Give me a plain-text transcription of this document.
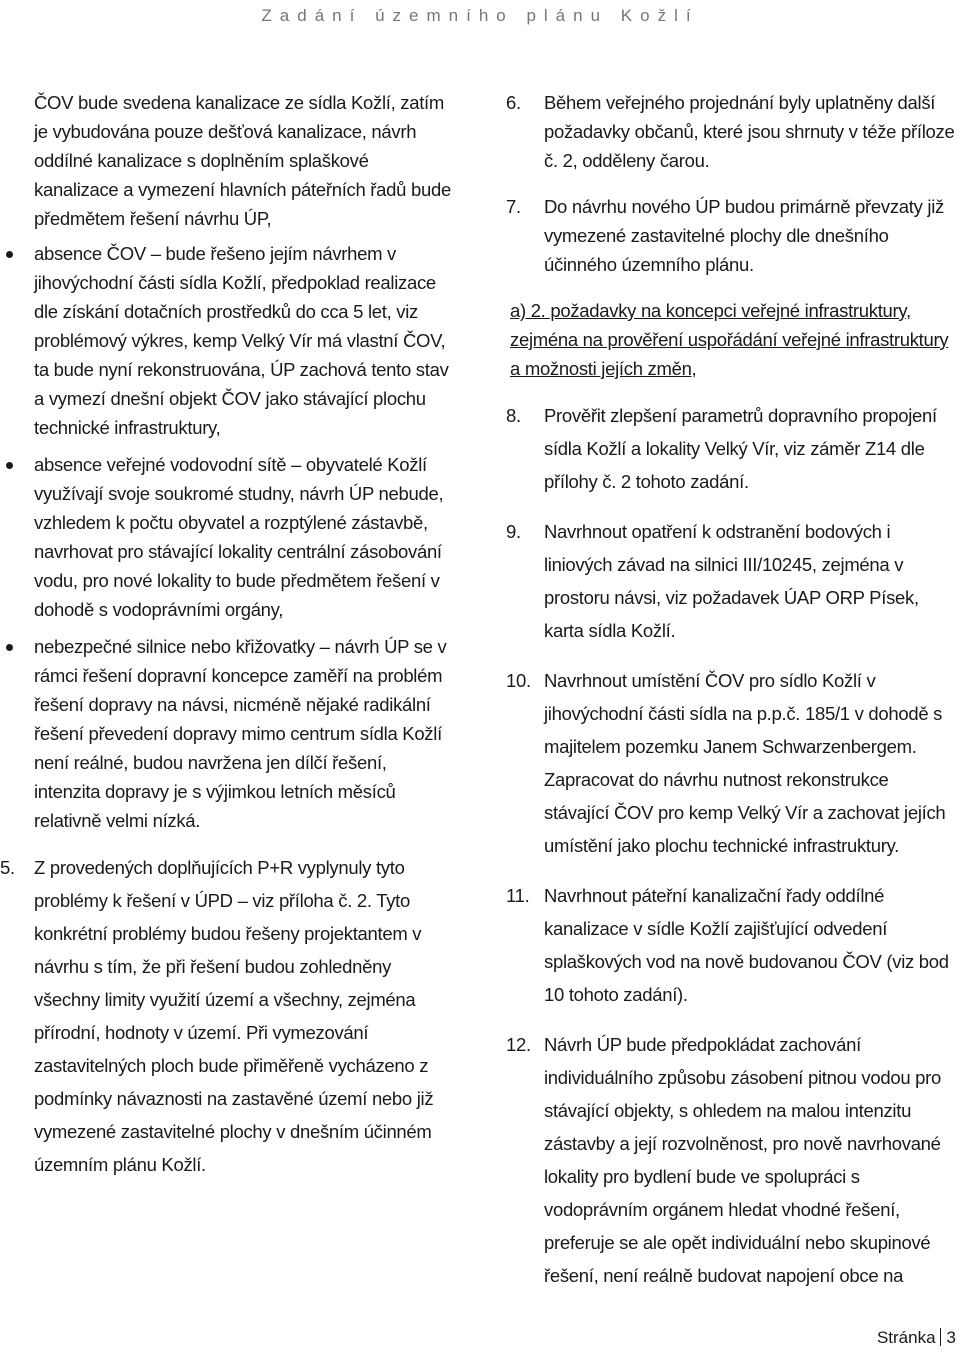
Zadání územního plánu Kožlí

ČOV bude svedena kanalizace ze sídla Kožlí, zatím je vybudována pouze dešťová kanalizace, návrh oddílné kanalizace s doplněním splaškové kanalizace a vymezení hlavních páteřních řadů bude předmětem řešení návrhu ÚP,

absence ČOV – bude řešeno jejím návrhem v jihovýchodní části sídla Kožlí, předpoklad realizace dle získání dotačních prostředků do cca 5 let, viz problémový výkres, kemp Velký Vír má vlastní ČOV, ta bude nyní rekonstruována, ÚP zachová tento stav a vymezí dnešní objekt ČOV jako stávající plochu technické infrastruktury,
absence veřejné vodovodní sítě – obyvatelé Kožlí využívají svoje soukromé studny, návrh ÚP nebude, vzhledem k počtu obyvatel a rozptýlené zástavbě, navrhovat pro stávající lokality centrální zásobování vodu, pro nové lokality to bude předmětem řešení v dohodě s vodoprávními orgány,
nebezpečné silnice nebo křižovatky – návrh ÚP se v rámci řešení dopravní koncepce zaměří na problém řešení dopravy na návsi, nicméně nějaké radikální řešení převedení dopravy mimo centrum sídla Kožlí není reálné, budou navržena jen dílčí řešení, intenzita dopravy je s výjimkou letních měsíců relativně velmi nízká.
5. Z provedených doplňujících P+R vyplynuly tyto problémy k řešení v ÚPD – viz příloha č. 2. Tyto konkrétní problémy budou řešeny projektantem v návrhu s tím, že při řešení budou zohledněny všechny limity využití území a všechny, zejména přírodní, hodnoty v území. Při vymezování zastavitelných ploch bude přiměřeně vycházeno z podmínky návaznosti na zastavěné území nebo již vymezené zastavitelné plochy v dnešním účinném územním plánu Kožlí.
6. Během veřejného projednání byly uplatněny další požadavky občanů, které jsou shrnuty v téže příloze č. 2, odděleny čarou.
7. Do návrhu nového ÚP budou primárně převzaty již vymezené zastavitelné plochy dle dnešního účinného územního plánu.
a) 2. požadavky na koncepci veřejné infrastruktury, zejména na prověření uspořádání veřejné infrastruktury a možnosti jejích změn,
8. Prověřit zlepšení parametrů dopravního propojení sídla Kožlí a lokality Velký Vír, viz záměr Z14 dle přílohy č. 2 tohoto zadání.
9. Navrhnout opatření k odstranění bodových i liniových závad na silnici III/10245, zejména v prostoru návsi, viz požadavek ÚAP ORP Písek, karta sídla Kožlí.
10. Navrhnout umístění ČOV pro sídlo Kožlí v jihovýchodní části sídla na p.p.č. 185/1 v dohodě s majitelem pozemku Janem Schwarzenbergem. Zapracovat do návrhu nutnost rekonstrukce stávající ČOV pro kemp Velký Vír a zachovat jejích umístění jako plochu technické infrastruktury.
11. Navrhnout páteřní kanalizační řady oddílné kanalizace v sídle Kožlí zajišťující odvedení splaškových vod na nově budovanou ČOV (viz bod 10 tohoto zadání).
12. Návrh ÚP bude předpokládat zachování individuálního způsobu zásobení pitnou vodou pro stávající objekty, s ohledem na malou intenzitu zástavby a její rozvolněnost, pro nově navrhované lokality pro bydlení bude ve spolupráci s vodoprávním orgánem hledat vhodné řešení, preferuje se ale opět individuální nebo skupinové řešení, není reálně budovat napojení obce na
Stránka 3
